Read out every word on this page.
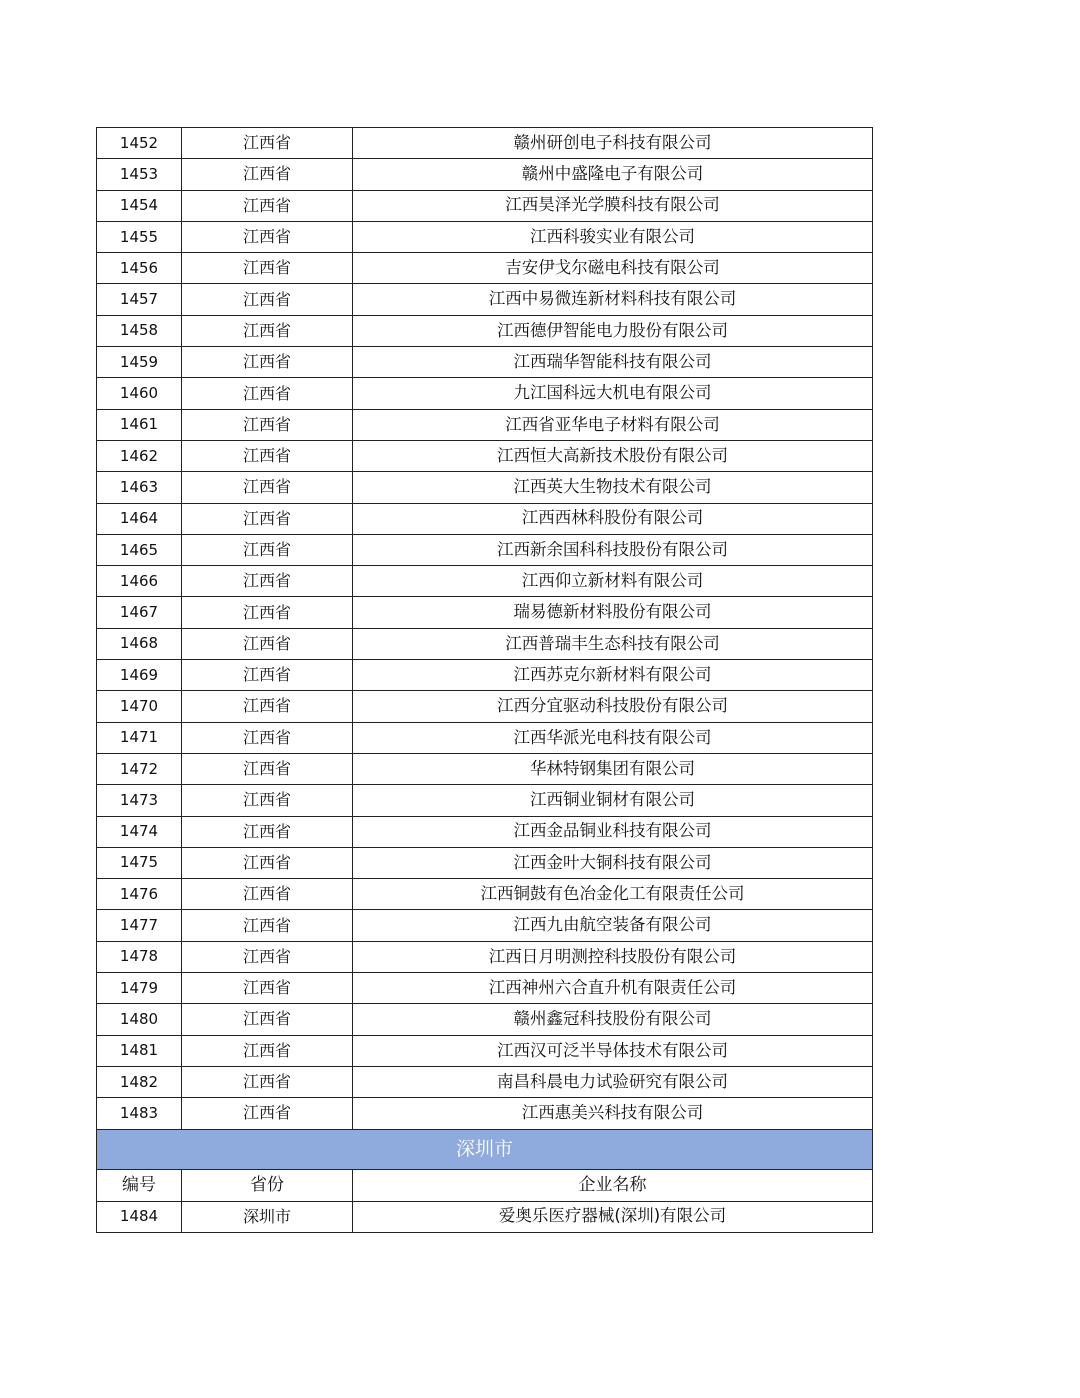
1452	江西省	赣州研创电子科技有限公司
1453	江西省	赣州中盛隆电子有限公司
1454	江西省	江西昊泽光学膜科技有限公司
1455	江西省	江西科骏实业有限公司
1456	江西省	吉安伊戈尔磁电科技有限公司
1457	江西省	江西中易微连新材料科技有限公司
1458	江西省	江西德伊智能电力股份有限公司
1459	江西省	江西瑞华智能科技有限公司
1460	江西省	九江国科远大机电有限公司
1461	江西省	江西省亚华电子材料有限公司
1462	江西省	江西恒大高新技术股份有限公司
1463	江西省	江西英大生物技术有限公司
1464	江西省	江西西林科股份有限公司
1465	江西省	江西新余国科科技股份有限公司
1466	江西省	江西仰立新材料有限公司
1467	江西省	瑞易德新材料股份有限公司
1468	江西省	江西普瑞丰生态科技有限公司
1469	江西省	江西苏克尔新材料有限公司
1470	江西省	江西分宜驱动科技股份有限公司
1471	江西省	江西华派光电科技有限公司
1472	江西省	华林特钢集团有限公司
1473	江西省	江西铜业铜材有限公司
1474	江西省	江西金品铜业科技有限公司
1475	江西省	江西金叶大铜科技有限公司
1476	江西省	江西铜鼓有色冶金化工有限责任公司
1477	江西省	江西九由航空装备有限公司
1478	江西省	江西日月明测控科技股份有限公司
1479	江西省	江西神州六合直升机有限责任公司
1480	江西省	赣州鑫冠科技股份有限公司
1481	江西省	江西汉可泛半导体技术有限公司
1482	江西省	南昌科晨电力试验研究有限公司
1483	江西省	江西惠美兴科技有限公司
深圳市		
编号	省份	企业名称
1484	深圳市	爱奥乐医疗器械(深圳)有限公司
